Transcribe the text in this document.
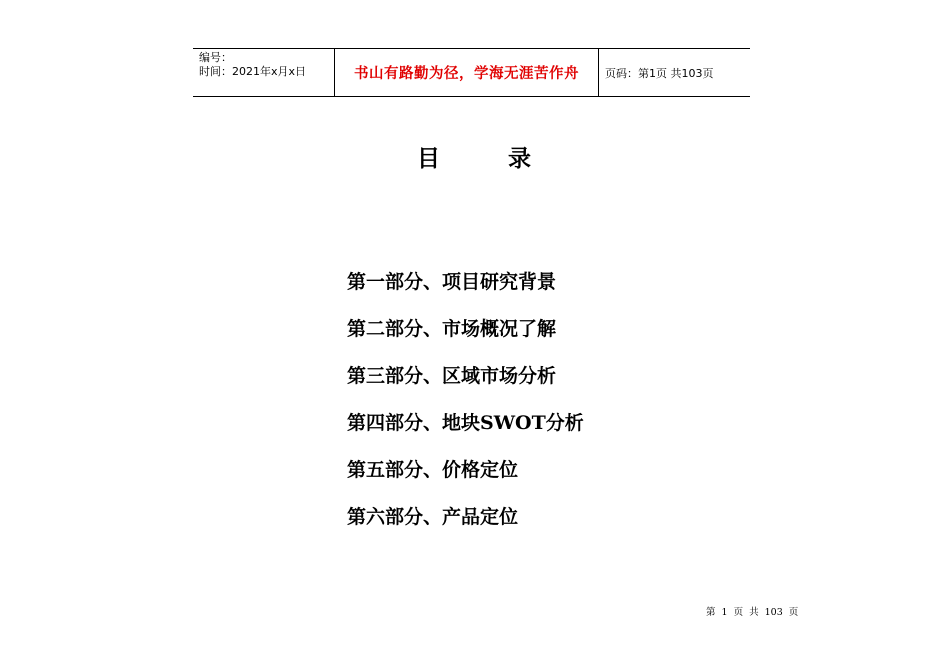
编号：
时间：2021年x月x日	书山有路勤为径，学海无涯苦作舟 页码：第1页 共103页
目	录
第一部分、项目研究背景
第二部分、市场概况了解
第三部分、区域市场分析
第四部分、地块SWOT分析
第五部分、价格定位
第六部分、产品定位
第 1 页 共 103 页
